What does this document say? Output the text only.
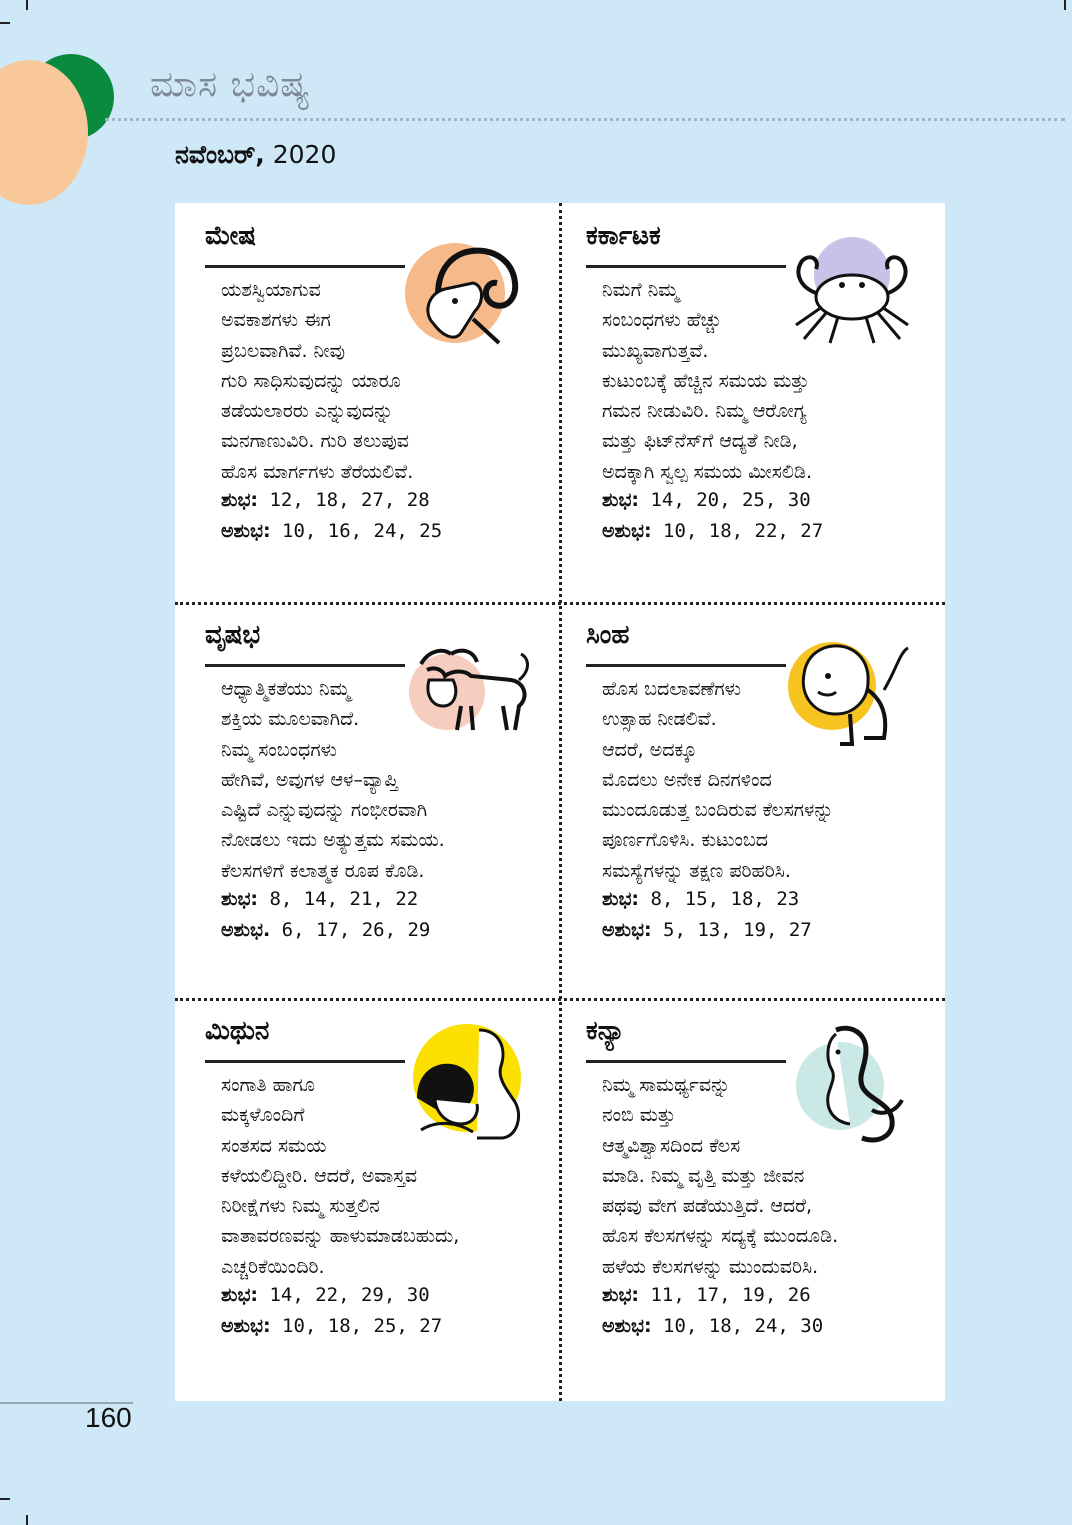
ಮಾಸ ಭವಿಷ್ಯ
ನವೆಂಬರ್, 2020
ಮೇಷ
ಯಶಸ್ವಿಯಾಗುವ
ಅವಕಾಶಗಳು ಈಗ
ಪ್ರಬಲವಾಗಿವೆ. ನೀವು
ಗುರಿ ಸಾಧಿಸುವುದನ್ನು ಯಾರೂ
ತಡೆಯಲಾರರು ಎನ್ನುವುದನ್ನು
ಮನಗಾಣುವಿರಿ. ಗುರಿ ತಲುಪುವ
ಹೊಸ ಮಾರ್ಗಗಳು ತೆರೆಯಲಿವೆ.
ಶುಭ: 12, 18, 27, 28
ಅಶುಭ: 10, 16, 24, 25
ಕರ್ಕಾಟಕ
ನಿಮಗೆ ನಿಮ್ಮ
ಸಂಬಂಧಗಳು ಹೆಚ್ಚು
ಮುಖ್ಯವಾಗುತ್ತವೆ.
ಕುಟುಂಬಕ್ಕೆ ಹೆಚ್ಚಿನ ಸಮಯ ಮತ್ತು
ಗಮನ ನೀಡುವಿರಿ. ನಿಮ್ಮ ಆರೋಗ್ಯ
ಮತ್ತು ಫಿಟ್‌ನೆಸ್‌ಗೆ ಆದ್ಯತೆ ನೀಡಿ,
ಅದಕ್ಕಾಗಿ ಸ್ವಲ್ಪ ಸಮಯ ಮೀಸಲಿಡಿ.
ಶುಭ: 14, 20, 25, 30
ಅಶುಭ: 10, 18, 22, 27
ವೃಷಭ
ಆಧ್ಯಾತ್ಮಿಕತೆಯು ನಿಮ್ಮ
ಶಕ್ತಿಯ ಮೂಲವಾಗಿದೆ.
ನಿಮ್ಮ ಸಂಬಂಧಗಳು
ಹೇಗಿವೆ, ಅವುಗಳ ಆಳ–ವ್ಯಾಪ್ತಿ
ಎಷ್ಟಿದೆ ಎನ್ನುವುದನ್ನು ಗಂಭೀರವಾಗಿ
ನೋಡಲು ಇದು ಅತ್ಯುತ್ತಮ ಸಮಯ.
ಕೆಲಸಗಳಿಗೆ ಕಲಾತ್ಮಕ ರೂಪ ಕೊಡಿ.
ಶುಭ: 8, 14, 21, 22
ಅಶುಭ. 6, 17, 26, 29
ಸಿಂಹ
ಹೊಸ ಬದಲಾವಣೆಗಳು
ಉತ್ಸಾಹ ನೀಡಲಿವೆ.
ಆದರೆ, ಅದಕ್ಕೂ
ಮೊದಲು ಅನೇಕ ದಿನಗಳಿಂದ
ಮುಂದೂಡುತ್ತ ಬಂದಿರುವ ಕೆಲಸಗಳನ್ನು
ಪೂರ್ಣಗೊಳಿಸಿ. ಕುಟುಂಬದ
ಸಮಸ್ಯೆಗಳನ್ನು ತಕ್ಷಣ ಪರಿಹರಿಸಿ.
ಶುಭ: 8, 15, 18, 23
ಅಶುಭ: 5, 13, 19, 27
ಮಿಥುನ
ಸಂಗಾತಿ ಹಾಗೂ
ಮಕ್ಕಳೊಂದಿಗೆ
ಸಂತಸದ ಸಮಯ
ಕಳೆಯಲಿದ್ದೀರಿ. ಆದರೆ, ಅವಾಸ್ತವ
ನಿರೀಕ್ಷೆಗಳು ನಿಮ್ಮ ಸುತ್ತಲಿನ
ವಾತಾವರಣವನ್ನು ಹಾಳುಮಾಡಬಹುದು,
ಎಚ್ಚರಿಕೆಯಿಂದಿರಿ.
ಶುಭ: 14, 22, 29, 30
ಅಶುಭ: 10, 18, 25, 27
ಕನ್ಯಾ
ನಿಮ್ಮ ಸಾಮರ್ಥ್ಯವನ್ನು
ನಂಬಿ ಮತ್ತು
ಆತ್ಮವಿಶ್ವಾಸದಿಂದ ಕೆಲಸ
ಮಾಡಿ. ನಿಮ್ಮ ವೃತ್ತಿ ಮತ್ತು ಜೀವನ
ಪಥವು ವೇಗ ಪಡೆಯುತ್ತಿದೆ. ಆದರೆ,
ಹೊಸ ಕೆಲಸಗಳನ್ನು ಸದ್ಯಕ್ಕೆ ಮುಂದೂಡಿ.
ಹಳೆಯ ಕೆಲಸಗಳನ್ನು ಮುಂದುವರಿಸಿ.
ಶುಭ: 11, 17, 19, 26
ಅಶುಭ: 10, 18, 24, 30
160
